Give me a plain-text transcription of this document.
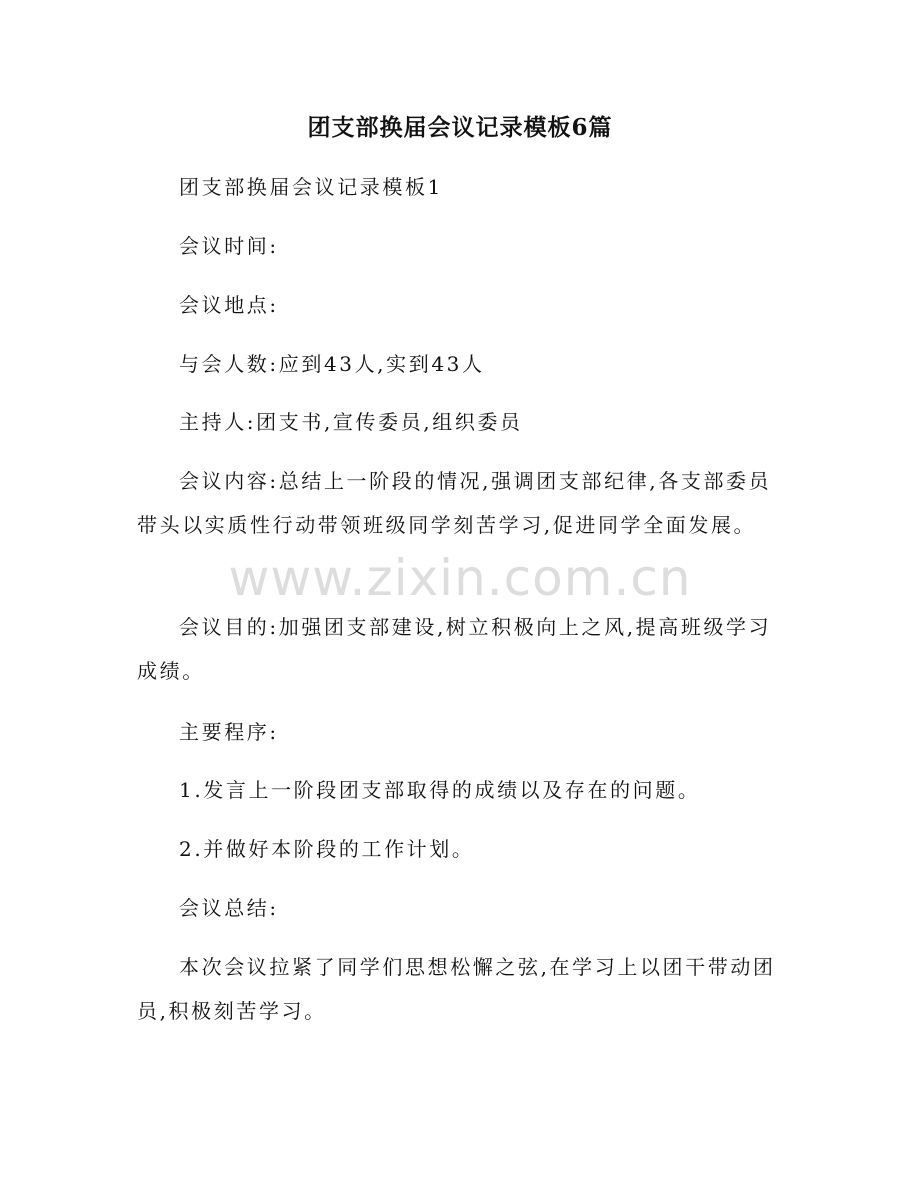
团支部换届会议记录模板6篇
团支部换届会议记录模板1
会议时间:
会议地点:
与会人数:应到43人,实到43人
主持人:团支书,宣传委员,组织委员
会议内容:总结上一阶段的情况,强调团支部纪律,各支部委员带头以实质性行动带领班级同学刻苦学习,促进同学全面发展。
会议目的:加强团支部建设,树立积极向上之风,提高班级学习成绩。
主要程序:
1.发言上一阶段团支部取得的成绩以及存在的问题。
2.并做好本阶段的工作计划。
会议总结:
本次会议拉紧了同学们思想松懈之弦,在学习上以团干带动团员,积极刻苦学习。
www.zixin.com.cn
